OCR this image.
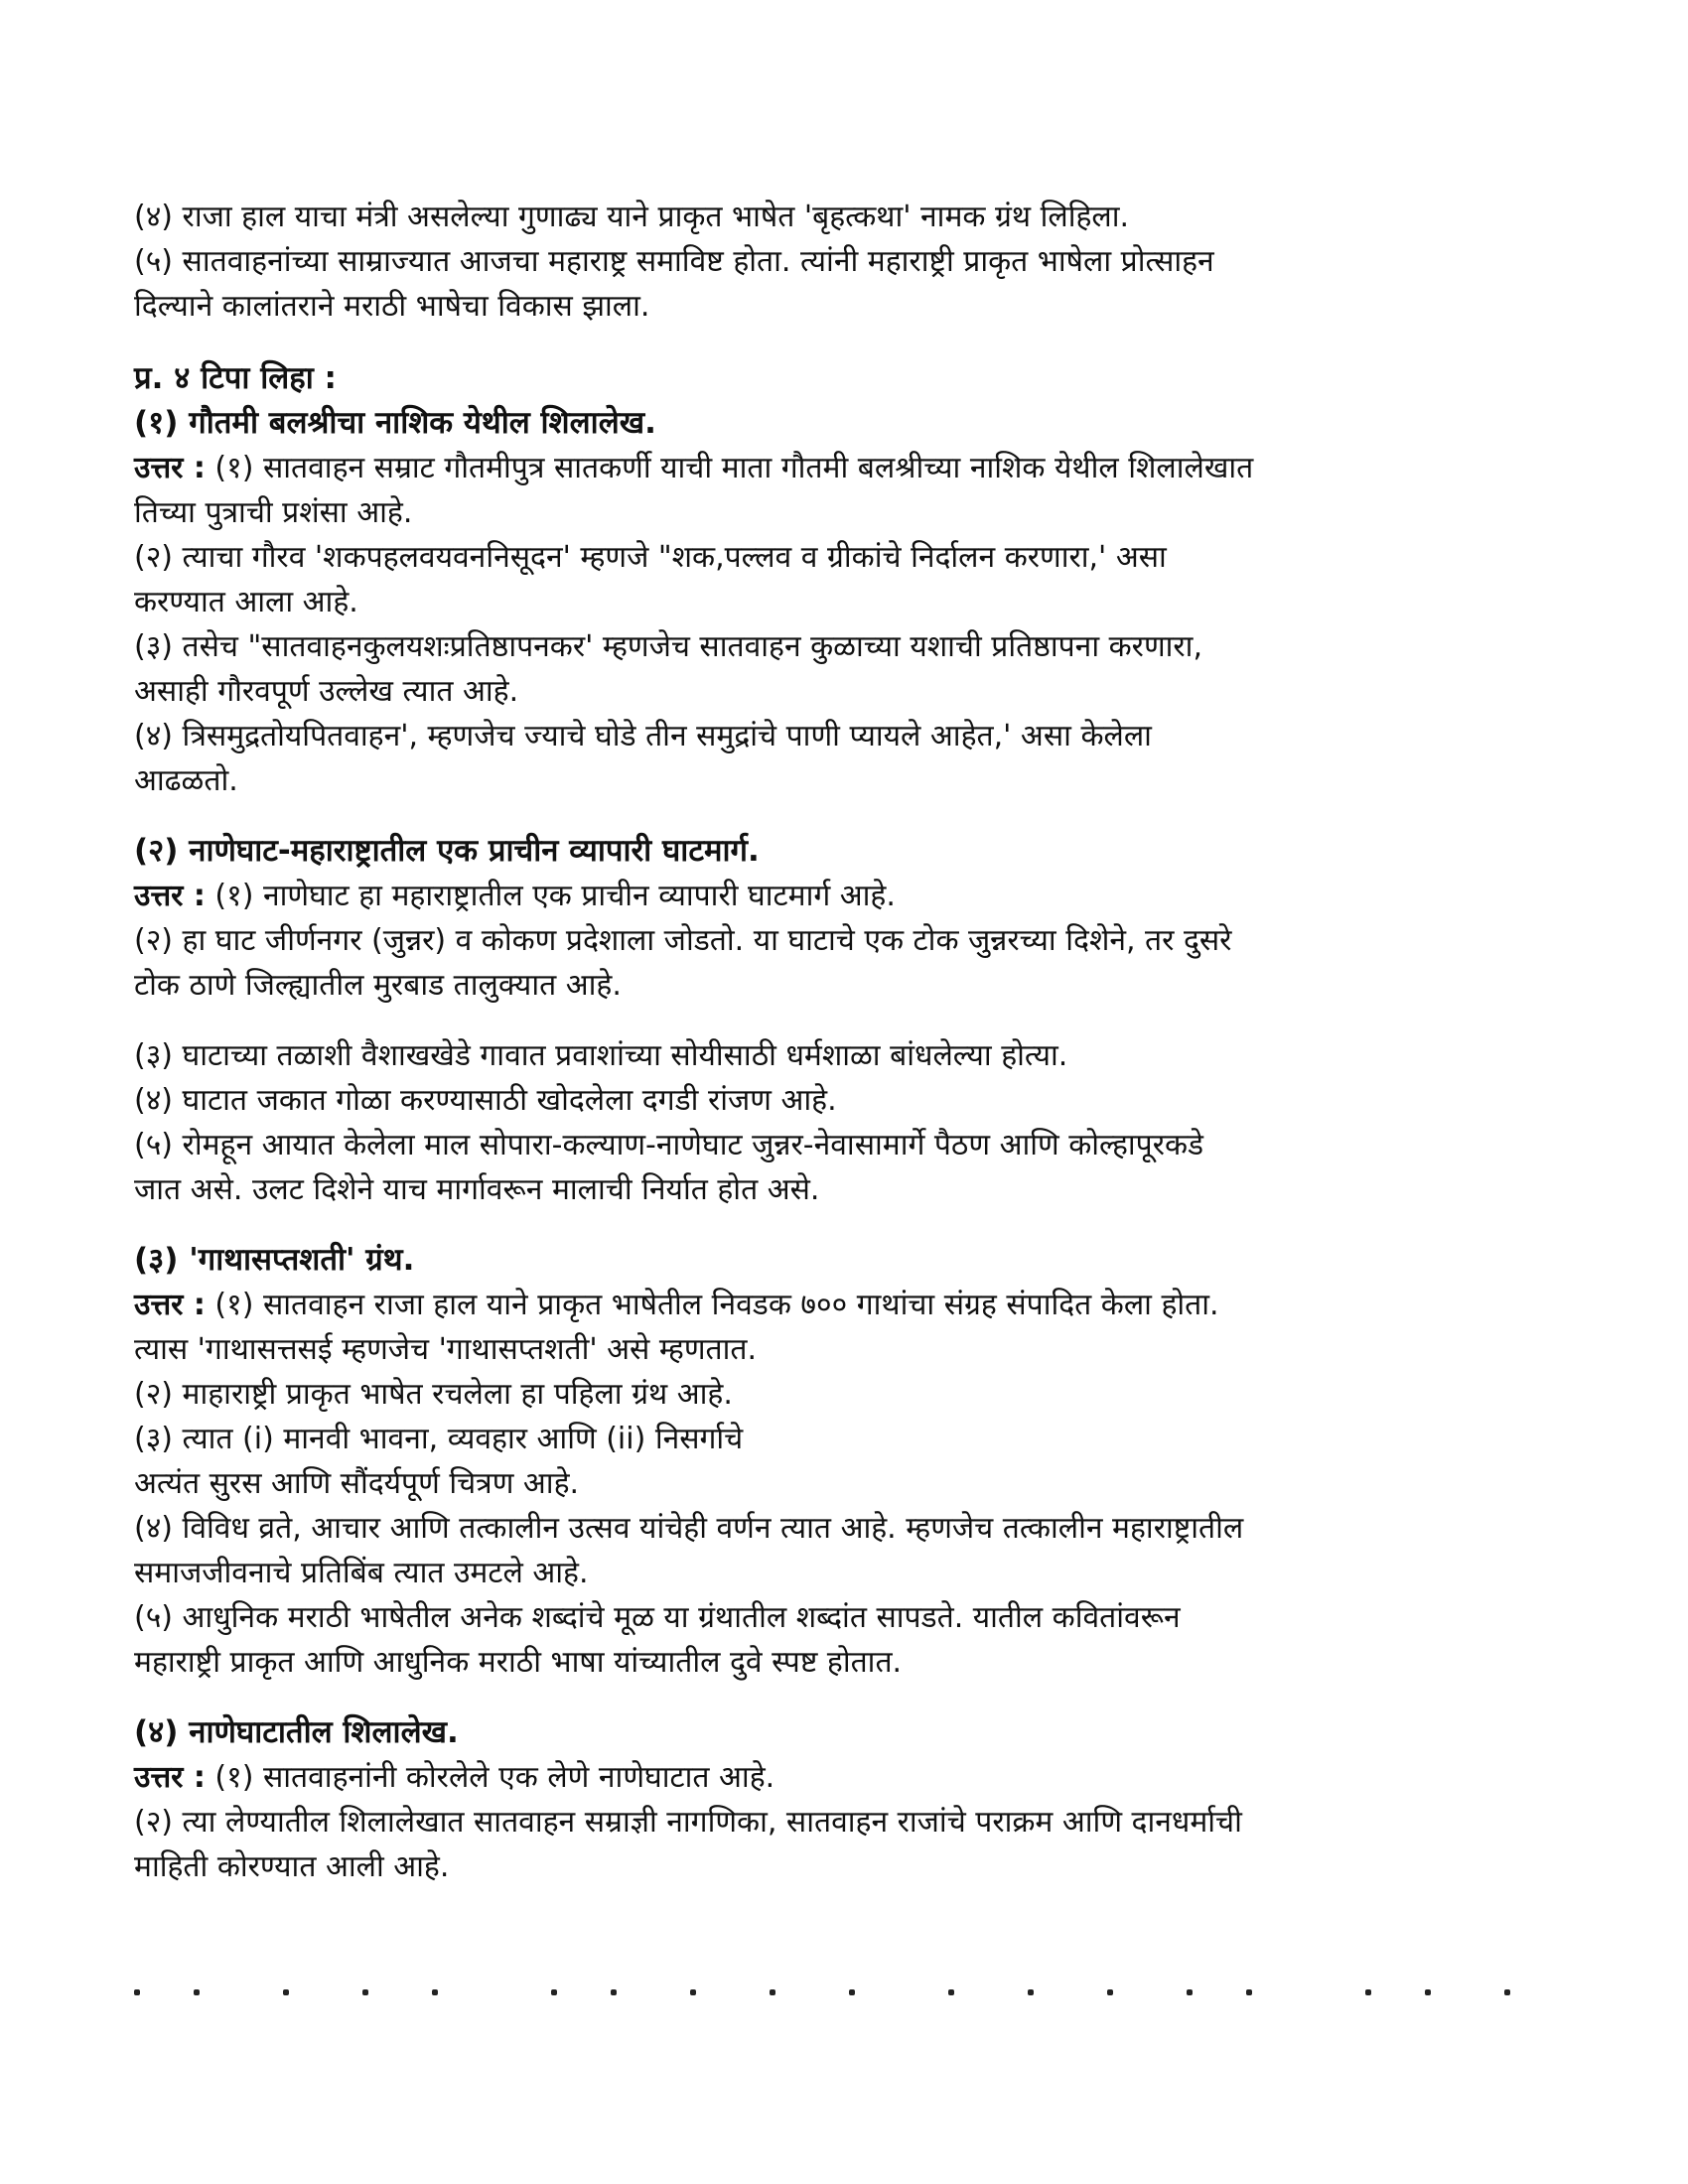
(४) राजा हाल याचा मंत्री असलेल्या गुणाढ्य याने प्राकृत भाषेत 'बृहत्कथा' नामक ग्रंथ लिहिला.

(५) सातवाहनांच्या साम्राज्यात आजचा महाराष्ट्र समाविष्ट होता. त्यांनी महाराष्ट्री प्राकृत भाषेला प्रोत्साहन

दिल्याने कालांतराने मराठी भाषेचा विकास झाला.

प्र. ४ टिपा लिहा :

(१) गौतमी बलश्रीचा नाशिक येथील शिलालेख.

उत्तर : (१) सातवाहन सम्राट गौतमीपुत्र सातकर्णी याची माता गौतमी बलश्रीच्या नाशिक येथील शिलालेखात

तिच्या पुत्राची प्रशंसा आहे.

(२) त्याचा गौरव 'शकपहलवयवननिसूदन' म्हणजे "शक,पल्लव व ग्रीकांचे निर्दालन करणारा,' असा

करण्यात आला आहे.

(३) तसेच "सातवाहनकुलयशःप्रतिष्ठापनकर' म्हणजेच सातवाहन कुळाच्या यशाची प्रतिष्ठापना करणारा,

असाही गौरवपूर्ण उल्लेख त्यात आहे.

(४) त्रिसमुद्रतोयपितवाहन', म्हणजेच ज्याचे घोडे तीन समुद्रांचे पाणी प्यायले आहेत,' असा केलेला

आढळतो.

(२) नाणेघाट-महाराष्ट्रातील एक प्राचीन व्यापारी घाटमार्ग.

उत्तर : (१) नाणेघाट हा महाराष्ट्रातील एक प्राचीन व्यापारी घाटमार्ग आहे.

(२) हा घाट जीर्णनगर (जुन्नर) व कोकण प्रदेशाला जोडतो. या घाटाचे एक टोक जुन्नरच्या दिशेने, तर दुसरे

टोक ठाणे जिल्ह्यातील मुरबाड तालुक्यात आहे.

(३) घाटाच्या तळाशी वैशाखखेडे गावात प्रवाशांच्या सोयीसाठी धर्मशाळा बांधलेल्या होत्या.

(४) घाटात जकात गोळा करण्यासाठी खोदलेला दगडी रांजण आहे.

(५) रोमहून आयात केलेला माल सोपारा-कल्याण-नाणेघाट जुन्नर-नेवासामार्गे पैठण आणि कोल्हापूरकडे

जात असे. उलट दिशेने याच मार्गावरून मालाची निर्यात होत असे.

(३) 'गाथासप्तशती' ग्रंथ.

उत्तर : (१) सातवाहन राजा हाल याने प्राकृत भाषेतील निवडक ७०० गाथांचा संग्रह संपादित केला होता.

त्यास 'गाथासत्तसई म्हणजेच 'गाथासप्तशती' असे म्हणतात.

(२) माहाराष्ट्री प्राकृत भाषेत रचलेला हा पहिला ग्रंथ आहे.

(३) त्यात (i) मानवी भावना, व्यवहार आणि (ii) निसर्गाचे

अत्यंत सुरस आणि सौंदर्यपूर्ण चित्रण आहे.

(४) विविध व्रते, आचार आणि तत्कालीन उत्सव यांचेही वर्णन त्यात आहे. म्हणजेच तत्कालीन महाराष्ट्रातील

समाजजीवनाचे प्रतिबिंब त्यात उमटले आहे.

(५) आधुनिक मराठी भाषेतील अनेक शब्दांचे मूळ या ग्रंथातील शब्दांत सापडते. यातील कवितांवरून

महाराष्ट्री प्राकृत आणि आधुनिक मराठी भाषा यांच्यातील दुवे स्पष्ट होतात.

(४) नाणेघाटातील शिलालेख.

उत्तर : (१) सातवाहनांनी कोरलेले एक लेणे नाणेघाटात आहे.

(२) त्या लेण्यातील शिलालेखात सातवाहन सम्राज्ञी नागणिका, सातवाहन राजांचे पराक्रम आणि दानधर्माची

माहिती कोरण्यात आली आहे.
